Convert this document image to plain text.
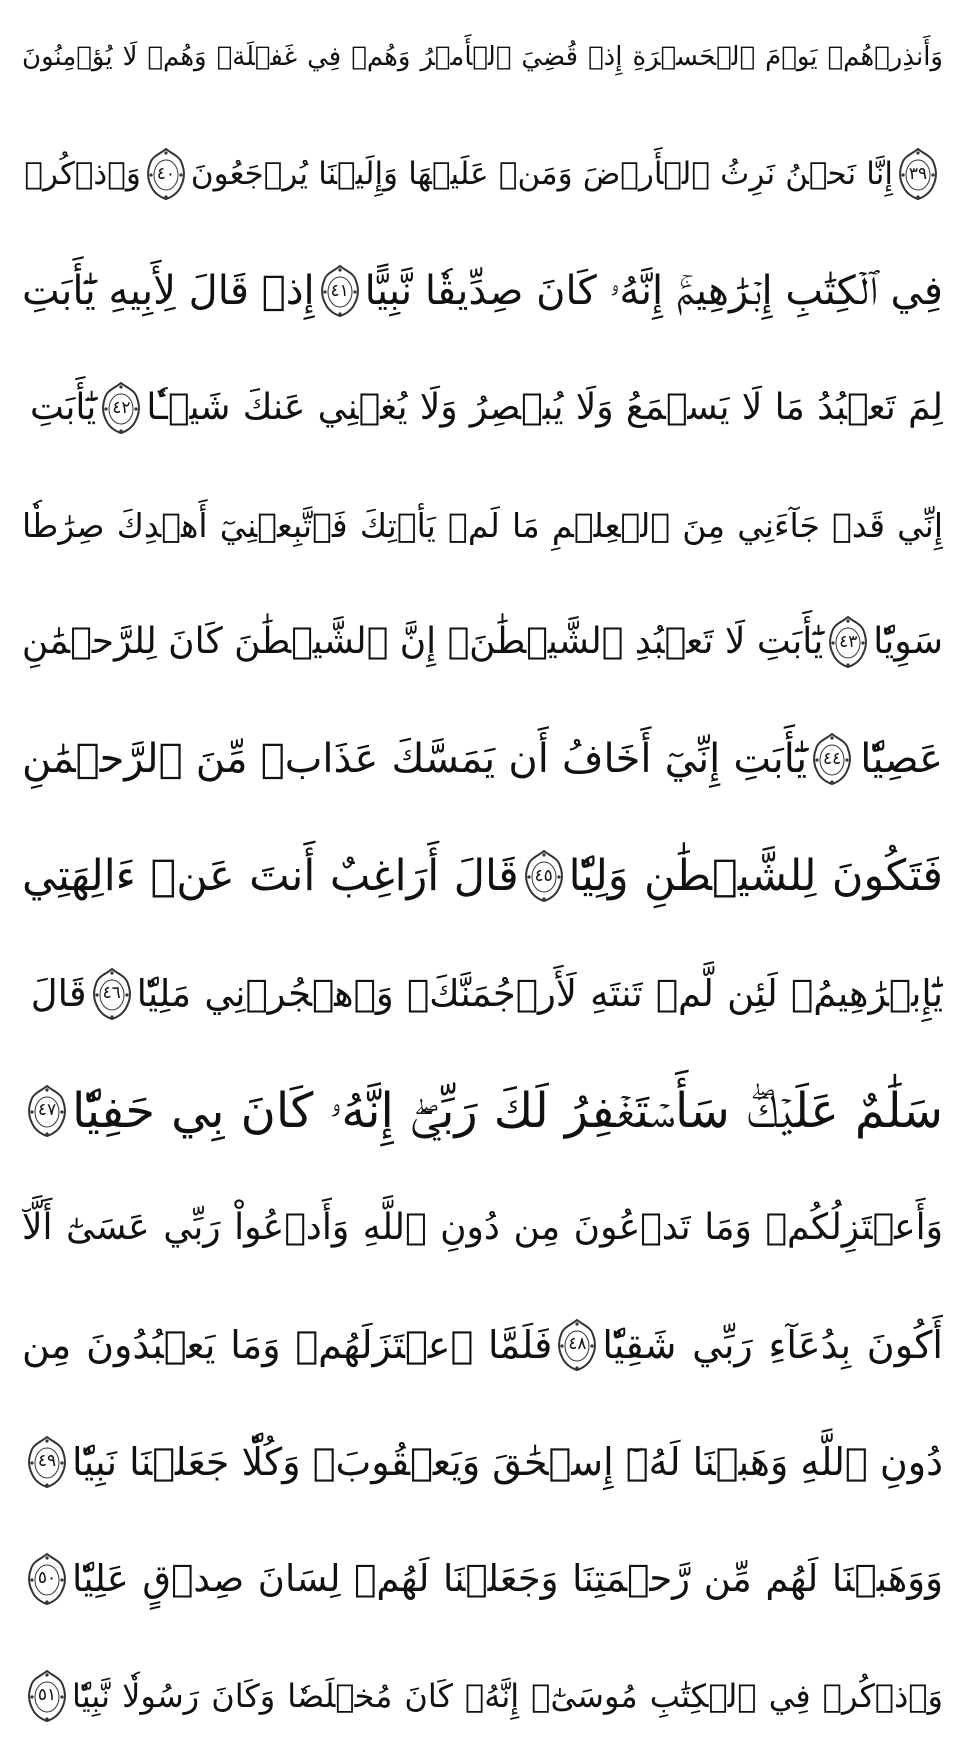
وَأَنذِرۡهُمۡ يَوۡمَ ٱلۡحَسۡرَةِ إِذۡ قُضِيَ ٱلۡأَمۡرُ وَهُمۡ فِي غَفۡلَةٖ وَهُمۡ لَا يُؤۡمِنُونَ
٣٩
إِنَّا نَحۡنُ نَرِثُ ٱلۡأَرۡضَ وَمَنۡ عَلَيۡهَا وَإِلَيۡنَا يُرۡجَعُونَ
٤٠
وَٱذۡكُرۡ
فِي ٱلۡكِتَٰبِ إِبۡرَٰهِيمَۚ إِنَّهُۥ كَانَ صِدِّيقٗا نَّبِيًّا
٤١
إِذۡ قَالَ لِأَبِيهِ يَٰٓأَبَتِ
لِمَ تَعۡبُدُ مَا لَا يَسۡمَعُ وَلَا يُبۡصِرُ وَلَا يُغۡنِي عَنكَ شَيۡـٔٗا
٤٢
يَٰٓأَبَتِ
إِنِّي قَدۡ جَآءَنِي مِنَ ٱلۡعِلۡمِ مَا لَمۡ يَأۡتِكَ فَٱتَّبِعۡنِيٓ أَهۡدِكَ صِرَٰطٗا
سَوِيّٗا
٤٣
يَٰٓأَبَتِ لَا تَعۡبُدِ ٱلشَّيۡطَٰنَۖ إِنَّ ٱلشَّيۡطَٰنَ كَانَ لِلرَّحۡمَٰنِ
عَصِيّٗا
٤٤
يَٰٓأَبَتِ إِنِّيٓ أَخَافُ أَن يَمَسَّكَ عَذَابٞ مِّنَ ٱلرَّحۡمَٰنِ
فَتَكُونَ لِلشَّيۡطَٰنِ وَلِيّٗا
٤٥
قَالَ أَرَاغِبٌ أَنتَ عَنۡ ءَالِهَتِي
يَٰٓإِبۡرَٰهِيمُۖ لَئِن لَّمۡ تَنتَهِ لَأَرۡجُمَنَّكَۖ وَٱهۡجُرۡنِي مَلِيّٗا
٤٦
قَالَ
سَلَٰمٌ عَلَيۡكَۖ سَأَسۡتَغۡفِرُ لَكَ رَبِّيٓۖ إِنَّهُۥ كَانَ بِي حَفِيّٗا
٤٧
وَأَعۡتَزِلُكُمۡ وَمَا تَدۡعُونَ مِن دُونِ ٱللَّهِ وَأَدۡعُواْ رَبِّي عَسَىٰٓ أَلَّآ
أَكُونَ بِدُعَآءِ رَبِّي شَقِيّٗا
٤٨
فَلَمَّا ٱعۡتَزَلَهُمۡ وَمَا يَعۡبُدُونَ مِن
دُونِ ٱللَّهِ وَهَبۡنَا لَهُۥٓ إِسۡحَٰقَ وَيَعۡقُوبَۖ وَكُلّٗا جَعَلۡنَا نَبِيّٗا
٤٩
وَوَهَبۡنَا لَهُم مِّن رَّحۡمَتِنَا وَجَعَلۡنَا لَهُمۡ لِسَانَ صِدۡقٍ عَلِيّٗا
٥٠
وَٱذۡكُرۡ فِي ٱلۡكِتَٰبِ مُوسَىٰٓۚ إِنَّهُۥ كَانَ مُخۡلَصٗا وَكَانَ رَسُولٗا نَّبِيّٗا
٥١
